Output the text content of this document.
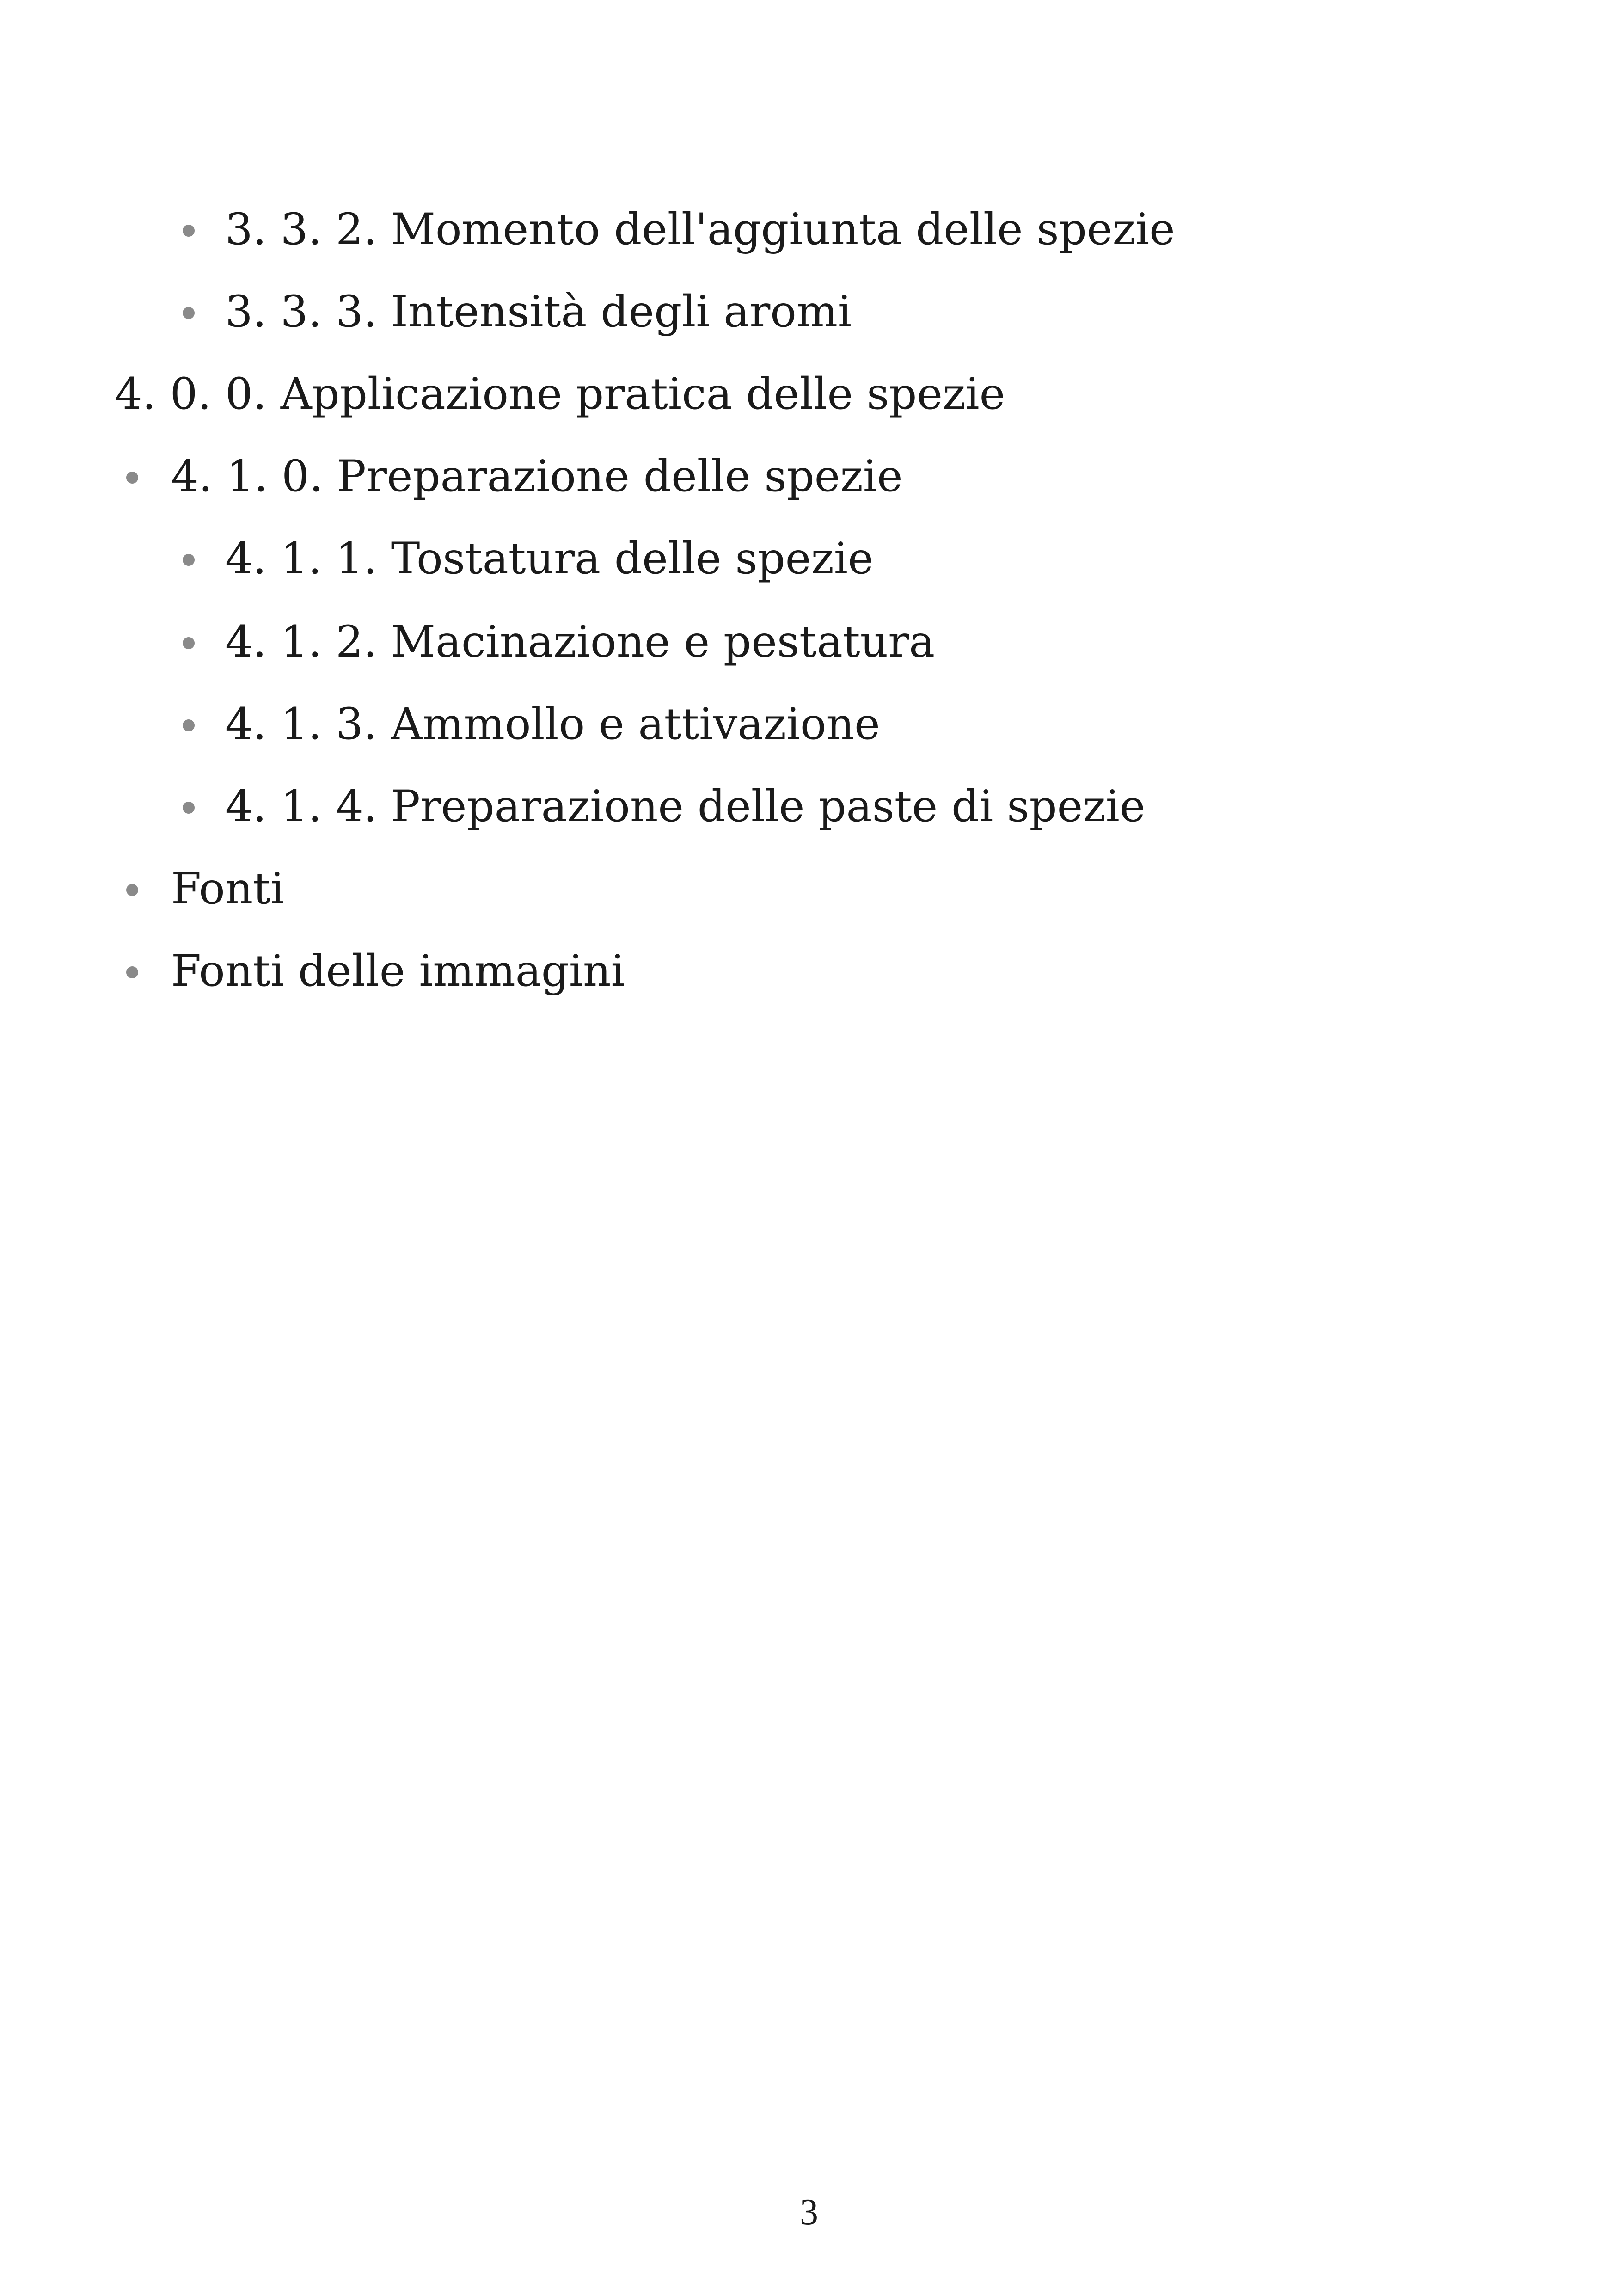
3. 3. 2. Momento dell'aggiunta delle spezie
3. 3. 3. Intensità degli aromi
4. 0. 0. Applicazione pratica delle spezie
4. 1. 0. Preparazione delle spezie
4. 1. 1. Tostatura delle spezie
4. 1. 2. Macinazione e pestatura
4. 1. 3. Ammollo e attivazione
4. 1. 4. Preparazione delle paste di spezie
Fonti
Fonti delle immagini
3
